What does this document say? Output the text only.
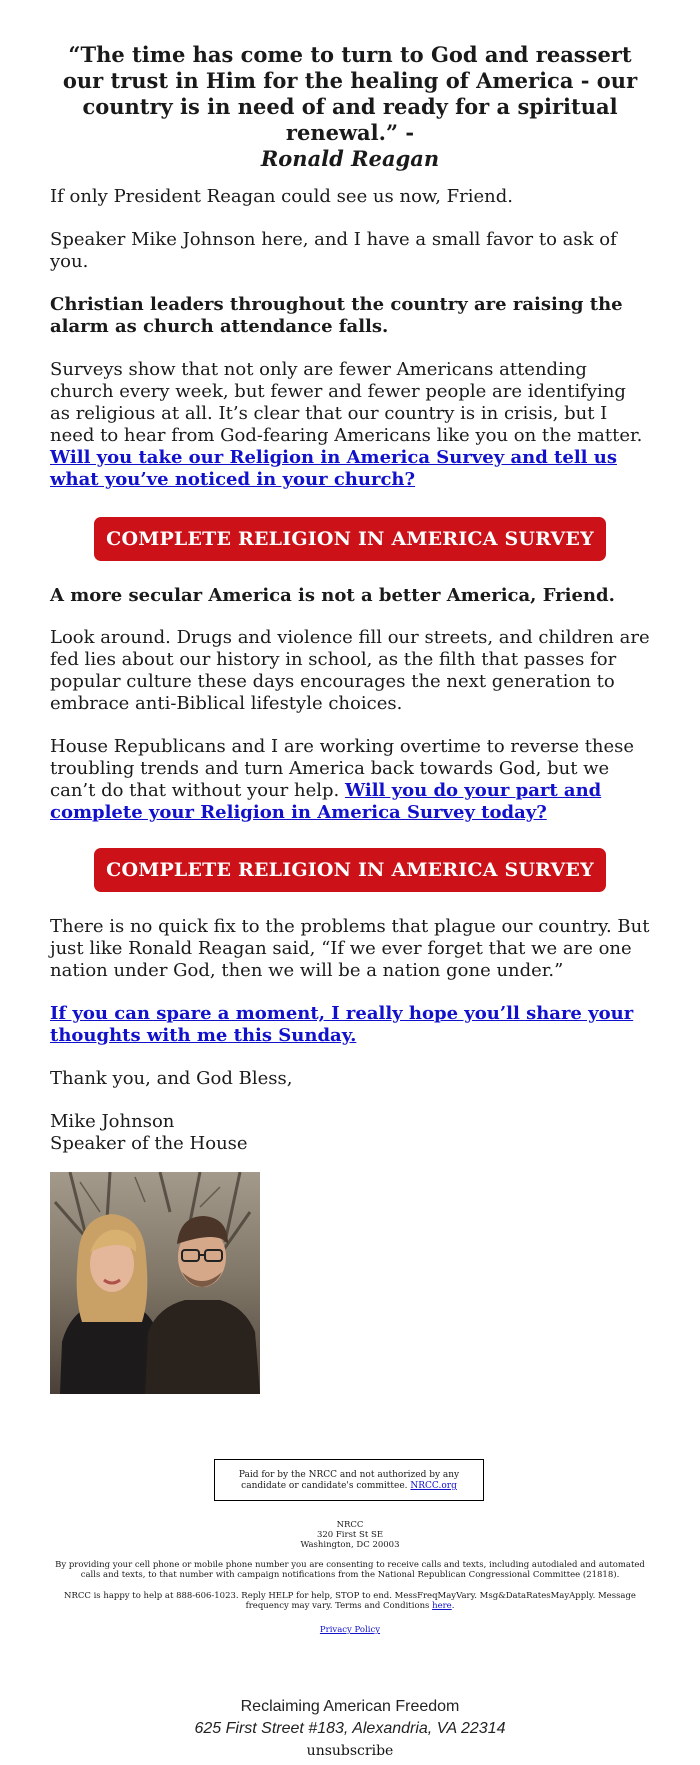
“The time has come to turn to God and reassert our trust in Him for the healing of America - our country is in need of and ready for a spiritual renewal.” -
Ronald Reagan

If only President Reagan could see us now, Friend.

Speaker Mike Johnson here, and I have a small favor to ask of you.

Christian leaders throughout the country are raising the alarm as church attendance falls.

Surveys show that not only are fewer Americans attending church every week, but fewer and fewer people are identifying as religious at all. It’s clear that our country is in crisis, but I need to hear from God-fearing Americans like you on the matter. Will you take our Religion in America Survey and tell us what you’ve noticed in your church?

COMPLETE RELIGION IN AMERICA SURVEY

A more secular America is not a better America, Friend.

Look around. Drugs and violence fill our streets, and children are fed lies about our history in school, as the filth that passes for popular culture these days encourages the next generation to embrace anti-Biblical lifestyle choices.

House Republicans and I are working overtime to reverse these troubling trends and turn America back towards God, but we can’t do that without your help. Will you do your part and complete your Religion in America Survey today?

COMPLETE RELIGION IN AMERICA SURVEY

There is no quick fix to the problems that plague our country. But just like Ronald Reagan said, “If we ever forget that we are one nation under God, then we will be a nation gone under.”

If you can spare a moment, I really hope you’ll share your thoughts with me this Sunday.

Thank you, and God Bless,

Mike Johnson

Speaker of the House

Paid for by the NRCC and not authorized by any candidate or candidate's committee. NRCC.org
NRCC
320 First St SE
Washington, DC 20003
By providing your cell phone or mobile phone number you are consenting to receive calls and texts, including autodialed and automated calls and texts, to that number with campaign notifications from the National Republican Congressional Committee (21818).
NRCC is happy to help at 888-606-1023. Reply HELP for help, STOP to end. MessFreqMayVary. Msg&DataRatesMayApply. Message frequency may vary. Terms and Conditions here.
Privacy Policy
Reclaiming American Freedom
625 First Street #183, Alexandria, VA 22314
unsubscribe
